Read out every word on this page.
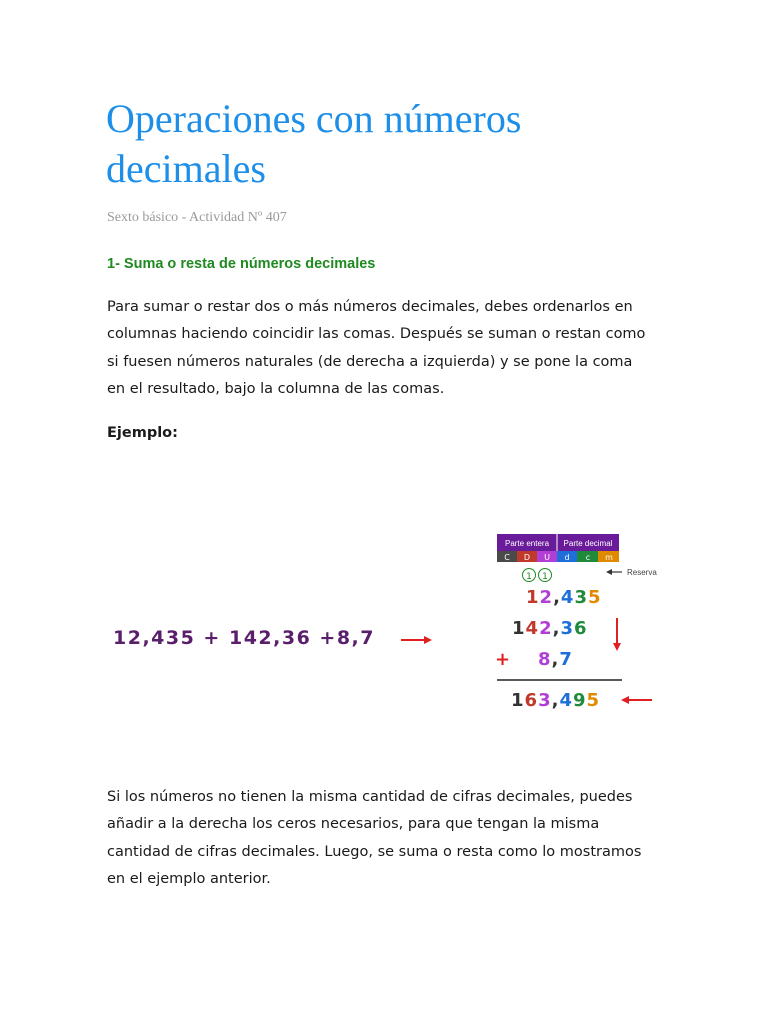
Operaciones con números decimales
Sexto básico - Actividad Nº 407
1- Suma o resta de números decimales

Para sumar o restar dos o más números decimales, debes ordenarlos en columnas haciendo coincidir las comas. Después se suman o restan como si fuesen números naturales (de derecha a izquierda) y se pone la coma en el resultado, bajo la columna de las comas.

Ejemplo:
12,435 + 142,36 +8,7
Parte entera Parte decimal
C D U d c m
1 1	Reserva
12,435
142,36
+ 8,7
163,495

Si los números no tienen la misma cantidad de cifras decimales, puedes añadir a la derecha los ceros necesarios, para que tengan la misma cantidad de cifras decimales. Luego, se suma o resta como lo mostramos en el ejemplo anterior.
